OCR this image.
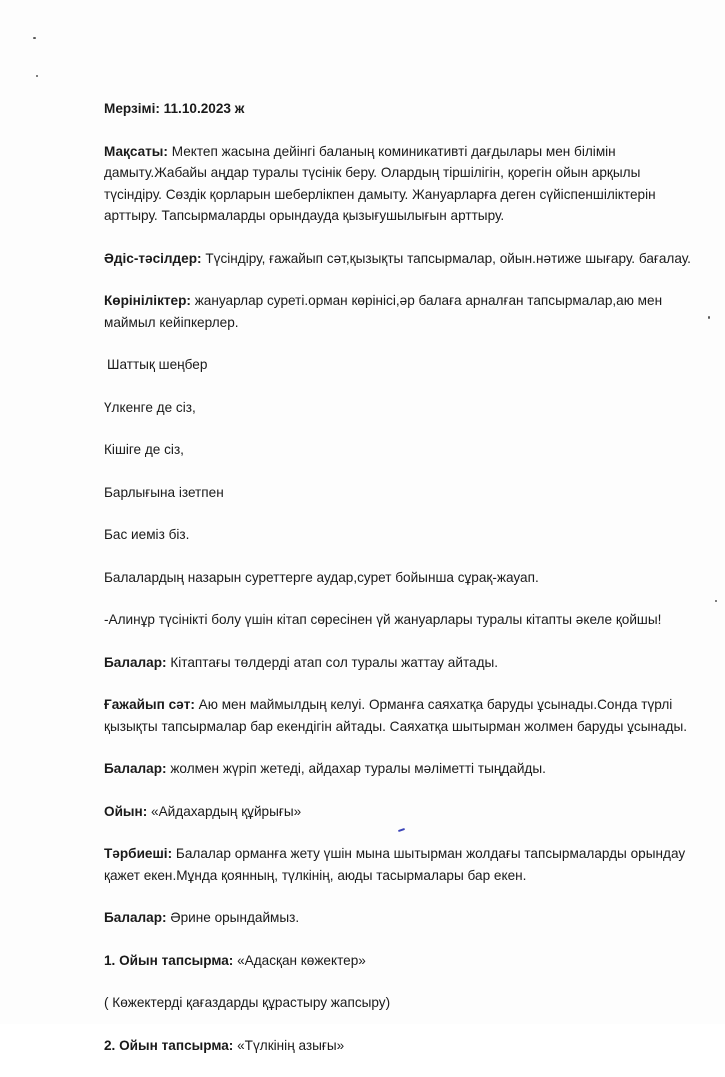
Мерзімі: 11.10.2023 ж

Мақсаты: Мектеп жасына дейінгі баланың коминикативті дағдылары мен білімін дамыту.Жабайы аңдар туралы түсінік беру. Олардың тіршілігін, қорегін ойын арқылы түсіндіру. Сөздік қорларын шеберлікпен дамыту. Жануарларға деген сүйіспеншіліктерін арттыру. Тапсырмаларды орындауда қызығушылығын арттыру.

Әдіс-тәсілдер: Түсіндіру, ғажайып сәт,қызықты тапсырмалар, ойын.нәтиже шығару. бағалау.

Көрініліктер: жануарлар суреті.орман көрінісі,әр балаға арналған тапсырмалар,аю мен маймыл кейіпкерлер.

Шаттық шеңбер

Үлкенге де сіз,

Кішіге де сіз,

Барлығына ізетпен

Бас иеміз біз.

Балалардың назарын суреттерге аудар,сурет бойынша сұрақ-жауап.

-Алинұр түсінікті болу үшін кітап сөресінен үй жануарлары туралы кітапты әкеле қойшы!

Балалар: Кітаптағы төлдерді атап сол туралы жаттау айтады.

Ғажайып сәт: Аю мен маймылдың келуі. Орманға саяхатқа баруды ұсынады.Сонда түрлі қызықты тапсырмалар бар екендігін айтады. Саяхатқа шытырман жолмен баруды ұсынады.

Балалар: жолмен жүріп жетеді, айдахар туралы мәліметті тыңдайды.

Ойын: «Айдахардың құйрығы»

Тәрбиеші: Балалар орманға жету үшін мына шытырман жолдағы тапсырмаларды орындау қажет екен.Мұнда қоянның, түлкінің, аюды тасырмалары бар екен.

Балалар: Әрине орындаймыз.

1. Ойын тапсырма: «Адасқан көжектер»

( Көжектерді қағаздарды құрастыру жапсыру)

2. Ойын тапсырма: «Түлкінің азығы»
